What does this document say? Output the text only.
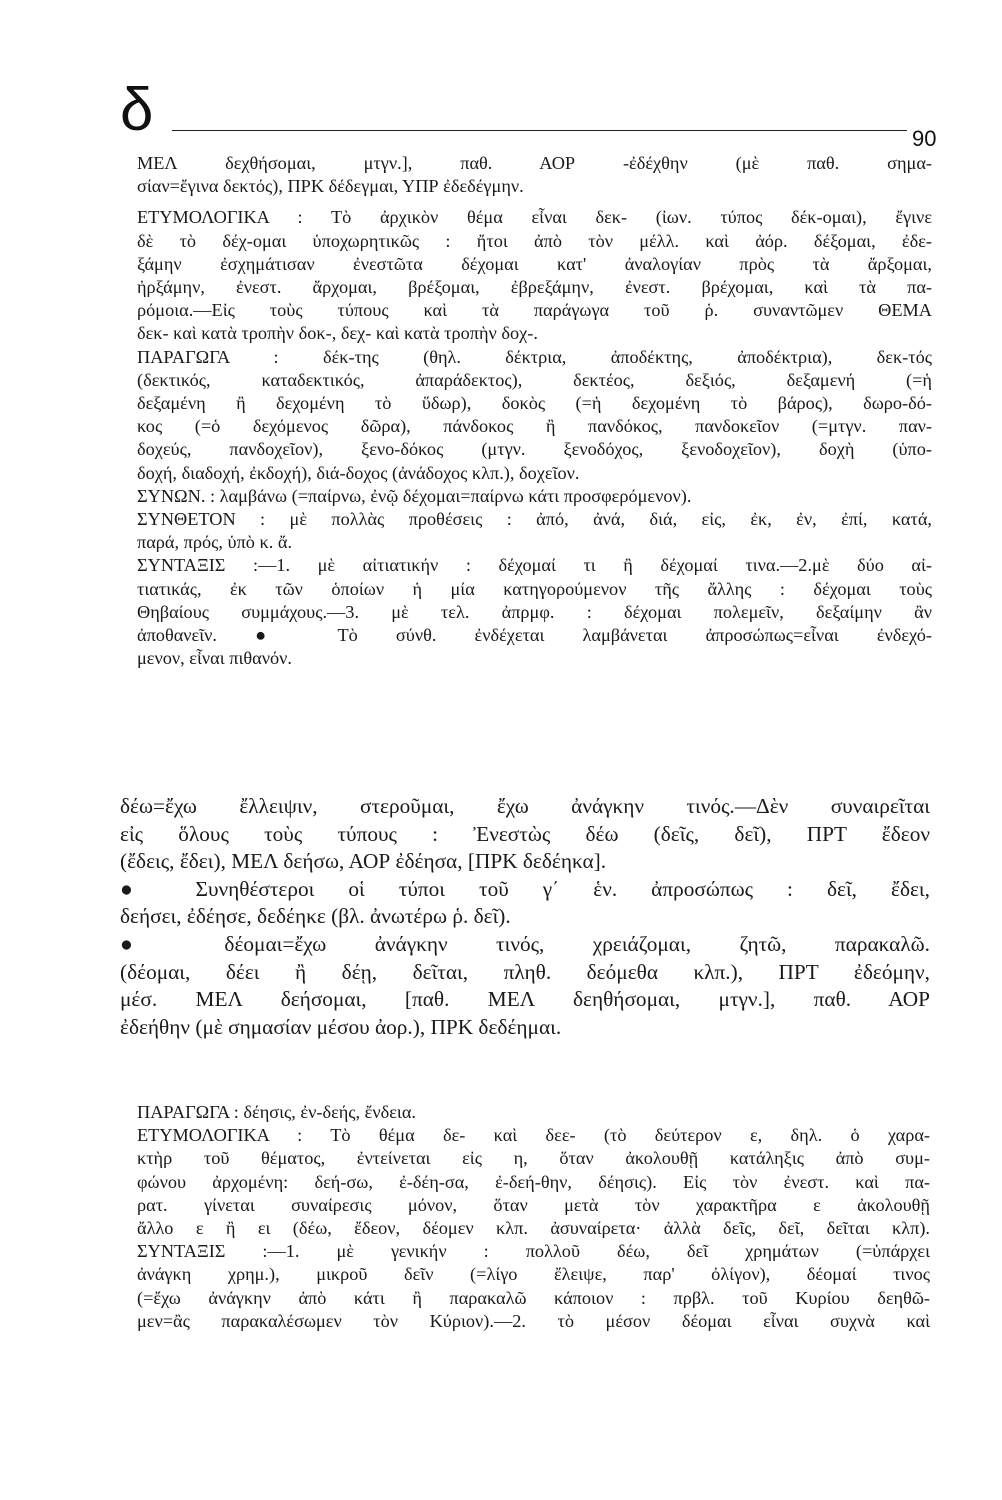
δ	90

ΜΕΛ δεχθήσομαι, μτγν.], παθ. ΑΟΡ -ἐδέχθην (μὲ παθ. σημα-

σίαν=ἔγινα δεκτός), ΠΡΚ δέδεγμαι, ΥΠΡ ἐδεδέγμην.

ΕΤΥΜΟΛΟΓΙΚΑ : Τὸ ἀρχικὸν θέμα εἶναι δεκ- (ἰων. τύπος δέκ-ομαι), ἔγινε

δὲ τὸ δέχ-ομαι ὑποχωρητικῶς : ἤτοι ἀπὸ τὸν μέλλ. καὶ ἀόρ. δέξομαι, ἐδε-

ξάμην ἐσχημάτισαν ἐνεστῶτα δέχομαι κατ' ἀναλογίαν πρὸς τὰ ἄρξομαι,

ἠρξάμην, ἐνεστ. ἄρχομαι, βρέξομαι, ἐβρεξάμην, ἐνεστ. βρέχομαι, καὶ τὰ πα-

ρόμοια.—Εἰς τοὺς τύπους καὶ τὰ παράγωγα τοῦ ῥ. συναντῶμεν ΘΕΜΑ

δεκ- καὶ κατὰ τροπὴν δοκ-, δεχ- καὶ κατὰ τροπὴν δοχ-.

ΠΑΡΑΓΩΓΑ : δέκ-της (θηλ. δέκτρια, ἀποδέκτης, ἀποδέκτρια), δεκ-τός

(δεκτικός, καταδεκτικός, ἀπαράδεκτος), δεκτέος, δεξιός, δεξαμενή (=ἡ

δεξαμένη ἢ δεχομένη τὸ ὕδωρ), δοκὸς (=ἡ δεχομένη τὸ βάρος), δωρο-δό-

κος (=ὁ δεχόμενος δῶρα), πάνδοκος ἢ πανδόκος, πανδοκεῖον (=μτγν. παν-

δοχεύς, πανδοχεῖον), ξενο-δόκος (μτγν. ξενοδόχος, ξενοδοχεῖον), δοχὴ (ὑπο-

δοχή, διαδοχή, ἐκδοχή), διά-δοχος (ἀνάδοχος κλπ.), δοχεῖον.

ΣΥΝΩΝ. : λαμβάνω (=παίρνω, ἐνῷ δέχομαι=παίρνω κάτι προσφερόμενον).

ΣΥΝΘΕΤΟΝ : μὲ πολλὰς προθέσεις : ἀπό, ἀνά, διά, εἰς, ἐκ, ἐν, ἐπί, κατά,

παρά, πρός, ὑπὸ κ. ἄ.

ΣΥΝΤΑΞΙΣ :—1. μὲ αἰτιατικήν : δέχομαί τι ἢ δέχομαί τινα.—2.μὲ δύο αἰ-

τιατικάς, ἐκ τῶν ὁποίων ἡ μία κατηγορούμενον τῆς ἄλλης : δέχομαι τοὺς

Θηβαίους συμμάχους.—3. μὲ τελ. ἀπρμφ. : δέχομαι πολεμεῖν, δεξαίμην ἂν

ἀποθανεῖν. ● Τὸ σύνθ. ἐνδέχεται λαμβάνεται ἀπροσώπως=εἶναι ἐνδεχό-

μενον, εἶναι πιθανόν.

δέω=ἔχω ἔλλειψιν, στεροῦμαι, ἔχω ἀνάγκην τινός.—Δὲν συναιρεῖται

εἰς ὅλους τοὺς τύπους : Ἐνεστὼς δέω (δεῖς, δεῖ), ΠΡΤ ἔδεον

(ἔδεις, ἔδει), ΜΕΛ δεήσω, ΑΟΡ ἐδέησα, [ΠΡΚ δεδέηκα].

● Συνηθέστεροι οἱ τύποι τοῦ γ΄ ἑν. ἀπροσώπως : δεῖ, ἔδει,

δεήσει, ἐδέησε, δεδέηκε (βλ. ἀνωτέρω ῥ. δεῖ).

● δέομαι=ἔχω ἀνάγκην τινός, χρειάζομαι, ζητῶ, παρακαλῶ.

(δέομαι, δέει ἢ δέῃ, δεῖται, πληθ. δεόμεθα κλπ.), ΠΡΤ ἐδεόμην,

μέσ. ΜΕΛ δεήσομαι, [παθ. ΜΕΛ δεηθήσομαι, μτγν.], παθ. ΑΟΡ

ἐδεήθην (μὲ σημασίαν μέσου ἀορ.), ΠΡΚ δεδέημαι.

ΠΑΡΑΓΩΓΑ : δέησις, ἐν-δεής, ἔνδεια.

ΕΤΥΜΟΛΟΓΙΚΑ : Τὸ θέμα δε- καὶ δεε- (τὸ δεύτερον ε, δηλ. ὁ χαρα-

κτὴρ τοῦ θέματος, ἐντείνεται εἰς η, ὅταν ἀκολουθῇ κατάληξις ἀπὸ συμ-

φώνου ἀρχομένη: δεή-σω, ἐ-δέη-σα, ἐ-δεή-θην, δέησις). Εἰς τὸν ἐνεστ. καὶ πα-

ρατ. γίνεται συναίρεσις μόνον, ὅταν μετὰ τὸν χαρακτῆρα ε ἀκολουθῇ

ἄλλο ε ἢ ει (δέω, ἔδεον, δέομεν κλπ. ἀσυναίρετα· ἀλλὰ δεῖς, δεῖ, δεῖται κλπ).

ΣΥΝΤΑΞΙΣ :—1. μὲ γενικήν : πολλοῦ δέω, δεῖ χρημάτων (=ὑπάρχει

ἀνάγκη χρημ.), μικροῦ δεῖν (=λίγο ἔλειψε, παρ' ὀλίγον), δέομαί τινος

(=ἔχω ἀνάγκην ἀπὸ κάτι ἢ παρακαλῶ κάποιον : πρβλ. τοῦ Κυρίου δεηθῶ-

μεν=ἂς παρακαλέσωμεν τὸν Κύριον).—2. τὸ μέσον δέομαι εἶναι συχνὰ καὶ
